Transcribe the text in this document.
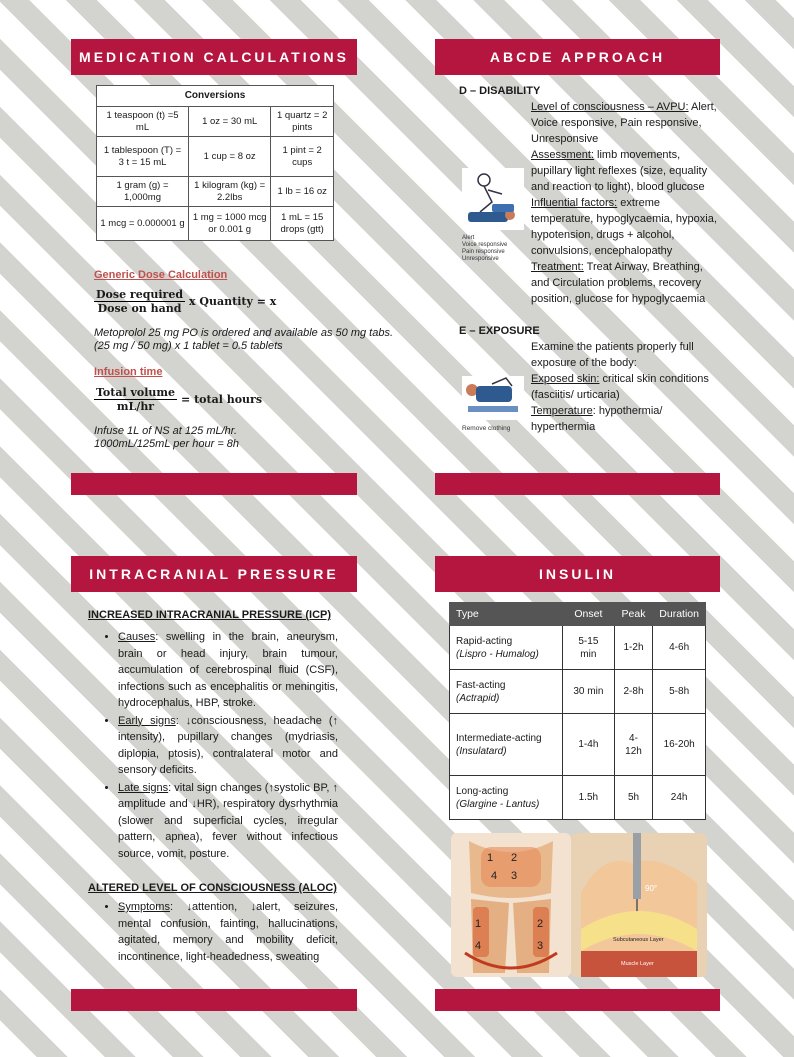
MEDICATION CALCULATIONS	ABCDE APPROACH
INTRACRANIAL PRESSURE	INSULIN
Conversions		
1 teaspoon (t) =5 mL	1 oz = 30 mL	1 quartz = 2 pints
1 tablespoon (T) = 3 t = 15 mL	1 cup = 8 oz	1 pint = 2 cups
1 gram (g) = 1,000mg	1 kilogram (kg) = 2.2lbs	1 lb = 16 oz
1 mcg = 0.000001 g	1 mg = 1000 mcg or 0.001 g	1 mL = 15 drops (gtt)
Generic Dose Calculation
$\frac{\text{Dose required}}{\text{Dose on hand}}$ x Quantity = x
Metoprolol 25 mg PO is ordered and available as 50 mg tabs.
(25 mg / 50 mg) x 1 tablet = 0.5 tablets
Infusion time
$\frac{\text{Total volume}}{mL/hr}$ = total hours
Infuse 1L of NS at 125 mL/hr.
1000mL/125mL per hour = 8h
D – DISABILITY
Level of consciousness – AVPU: Alert, Voice responsive, Pain responsive, Unresponsive
Assessment: limb movements, pupillary light reflexes (size, equality and reaction to light), blood glucose
Influential factors: extreme temperature, hypoglycaemia, hypoxia, hypotension, drugs + alcohol, convulsions, encephalopathy
Treatment: Treat Airway, Breathing, and Circulation problems, recovery position, glucose for hypoglycaemia
Alert
Voice responsive
Pain responsive
Unresponsive
E – EXPOSURE
Examine the patients properly full exposure of the body:
Exposed skin: critical skin conditions (fasciitis/ urticaria)
Temperature: hypothermia/ hyperthermia
Remove clothing
INCREASED INTRACRANIAL PRESSURE (ICP)
• Causes: swelling in the brain, aneurysm, brain or head injury, brain tumour, accumulation of cerebrospinal fluid (CSF), infections such as encephalitis or meningitis, hydrocephalus, HBP, stroke.
• Early signs: ↓consciousness, headache (↑ intensity), pupillary changes (mydriasis, diplopia, ptosis), contralateral motor and sensory deficits.
• Late signs: vital sign changes (↑systolic BP, ↑ amplitude and ↓HR), respiratory dysrhythmia (slower and superficial cycles, irregular pattern, apnea), fever without infectious source, vomit, posture.
ALTERED LEVEL OF CONSCIOUSNESS (ALOC)
• Symptoms: ↓attention, ↓alert, seizures, mental confusion, fainting, hallucinations, agitated, memory and mobility deficit, incontinence, light-headedness, sweating
Type	Onset	Peak	Duration
Rapid-acting
(Lispro - Humalog)	5-15 min	1-2h	4-6h
Fast-acting
(Actrapid)	30 min	2-8h	5-8h
Intermediate-acting
(Insulatard)	1-4h	4-12h	16-20h
Long-acting
(Glargine - Lantus)	1.5h	5h	24h
1 2
4 3
1	2
4	3
90°
Subcutaneous Layer
Muscle Layer
